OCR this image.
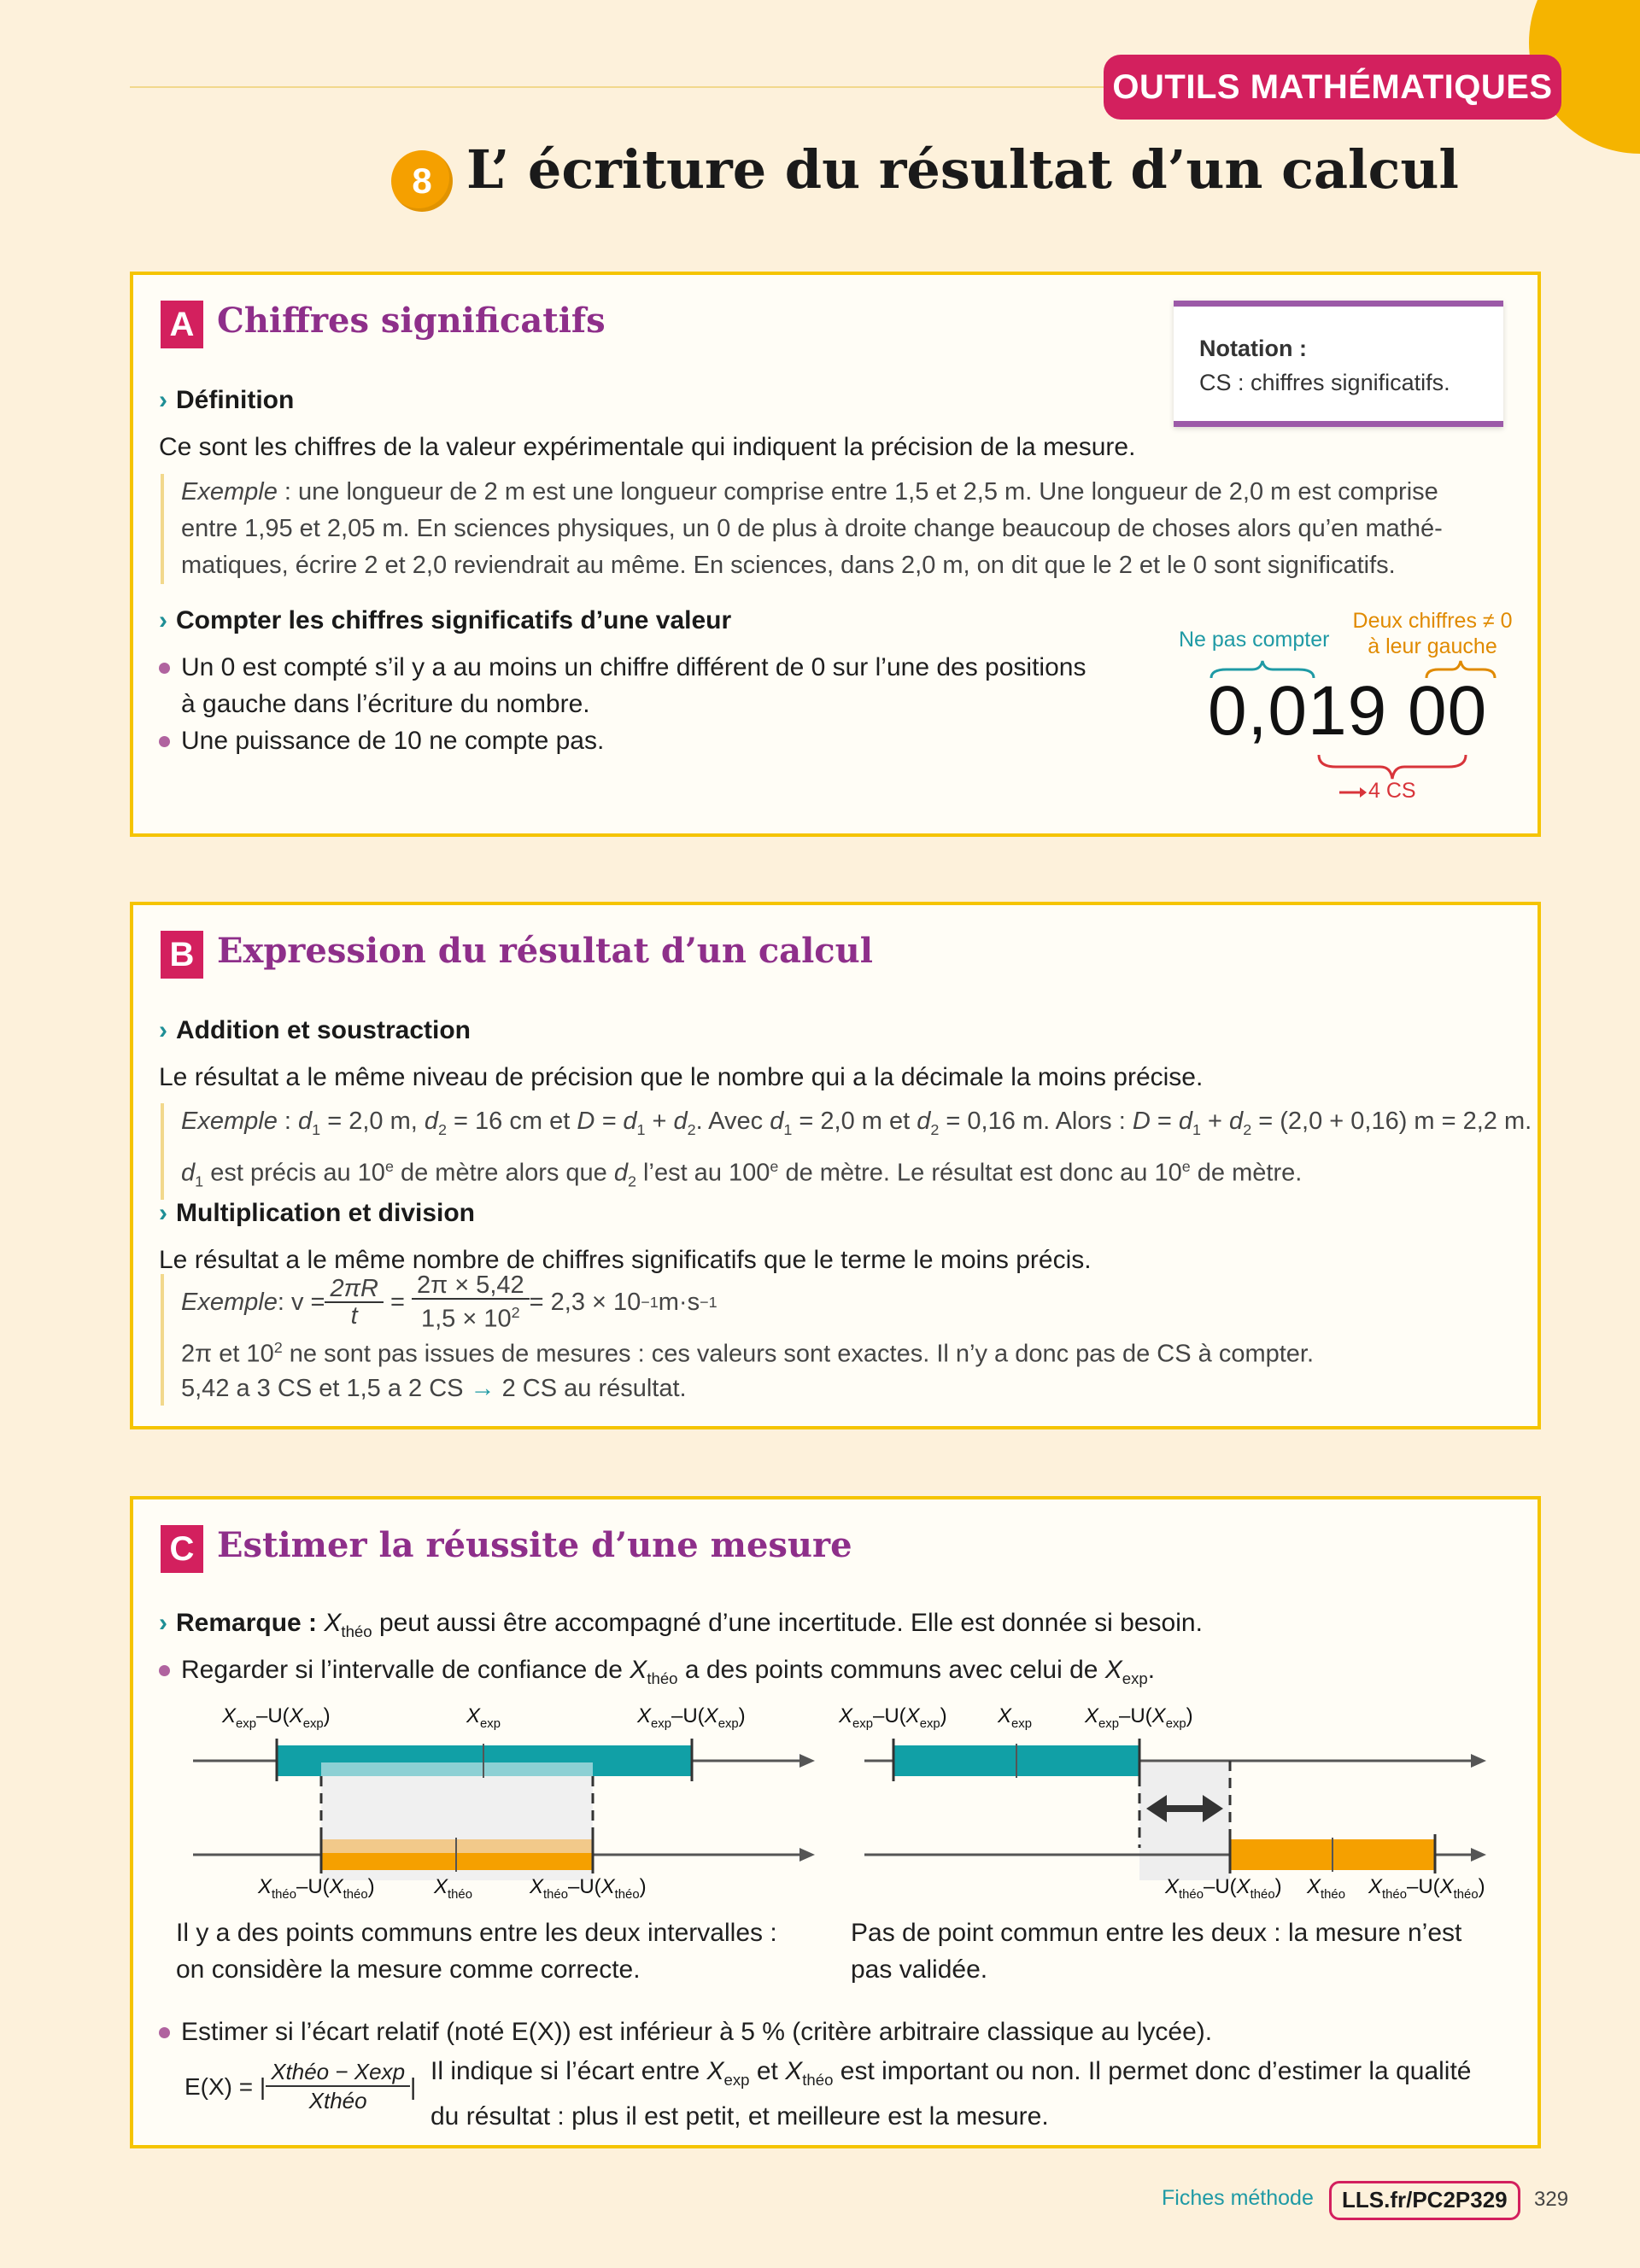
OUTILS MATHÉMATIQUES
8 L’ écriture du résultat d’un calcul
A Chiffres significatifs
Notation :
CS : chiffres significatifs.
› Définition
Ce sont les chiffres de la valeur expérimentale qui indiquent la précision de la mesure.
Exemple : une longueur de 2 m est une longueur comprise entre 1,5 et 2,5 m. Une longueur de 2,0 m est comprise
entre 1,95 et 2,05 m. En sciences physiques, un 0 de plus à droite change beaucoup de choses alors qu’en mathé-
matiques, écrire 2 et 2,0 reviendrait au même. En sciences, dans 2,0 m, on dit que le 2 et le 0 sont significatifs.
› Compter les chiffres significatifs d’une valeur
Un 0 est compté s’il y a au moins un chiffre différent de 0 sur l’une des positions
à gauche dans l’écriture du nombre.
Une puissance de 10 ne compte pas.
Ne pas compter
Deux chiffres ≠ 0
à leur gauche
0,019 00
4 CS
B Expression du résultat d’un calcul
› Addition et soustraction
Le résultat a le même niveau de précision que le nombre qui a la décimale la moins précise.
Exemple : $d_1 = 2,0$ m, $d_2 = 16$ cm et $D = d_1 + d_2$. Avec $d_1 = 2,0$ m et $d_2 = 0,16$ m. Alors : $D = d_1 + d_2 = (2,0 + 0,16) m = 2,2$ m.
$d_1$ est précis au 10e de mètre alors que $d_2$ l’est au 100e de mètre. Le résultat est donc au 10e de mètre.
› Multiplication et division
Le résultat a le même nombre de chiffres significatifs que le terme le moins précis.
Exemple : $v = \frac{2\pi R}{t} = \frac{2\pi \times 5,42}{1,5 \times 10^2} = 2,3 \times 10 -1$ m·s −1
2π et $10^2$ ne sont pas issues de mesures : ces valeurs sont exactes. Il n’y a donc pas de CS à compter.
5,42 a 3 CS et 1,5 a 2 CS → 2 CS au résultat.
C Estimer la réussite d’une mesure
› Remarque : $X_{théo}$ peut aussi être accompagné d’une incertitude. Elle est donnée si besoin.
Regarder si l’intervalle de confiance de $X_{théo}$ a des points communs avec celui de $X_{exp}$.
$X_{exp}-U(X_{exp})$	$X_{exp}$	$X_{exp}-U(X_{exp})$
$X_{théo}-U(X_{théo})$	$X_{théo}$	$X_{théo}-U(X_{théo})$
Il y a des points communs entre les deux intervalles :
on considère la mesure comme correcte.
$X_{exp}-U(X_{exp})$ $X_{exp}$	$X_{exp}-U(X_{exp})$
$X_{théo}-U(X_{théo})$ $X_{théo}$ $X_{théo}-U(X_{théo})$
Pas de point commun entre les deux : la mesure n’est
pas validée.
Estimer si l’écart relatif (noté E(X)) est inférieur à 5 % (critère arbitraire classique au lycée).
E(X) = | $\frac{\text{Xthéo − Xexp}}{\text{Xthéo}}$ |
Il indique si l’écart entre $X_{exp}$ et $X_{théo}$ est important ou non. Il permet donc d’estimer la qualité
du résultat : plus il est petit, et meilleure est la mesure.
Fiches méthode	LLS.fr/PC2P329	329
